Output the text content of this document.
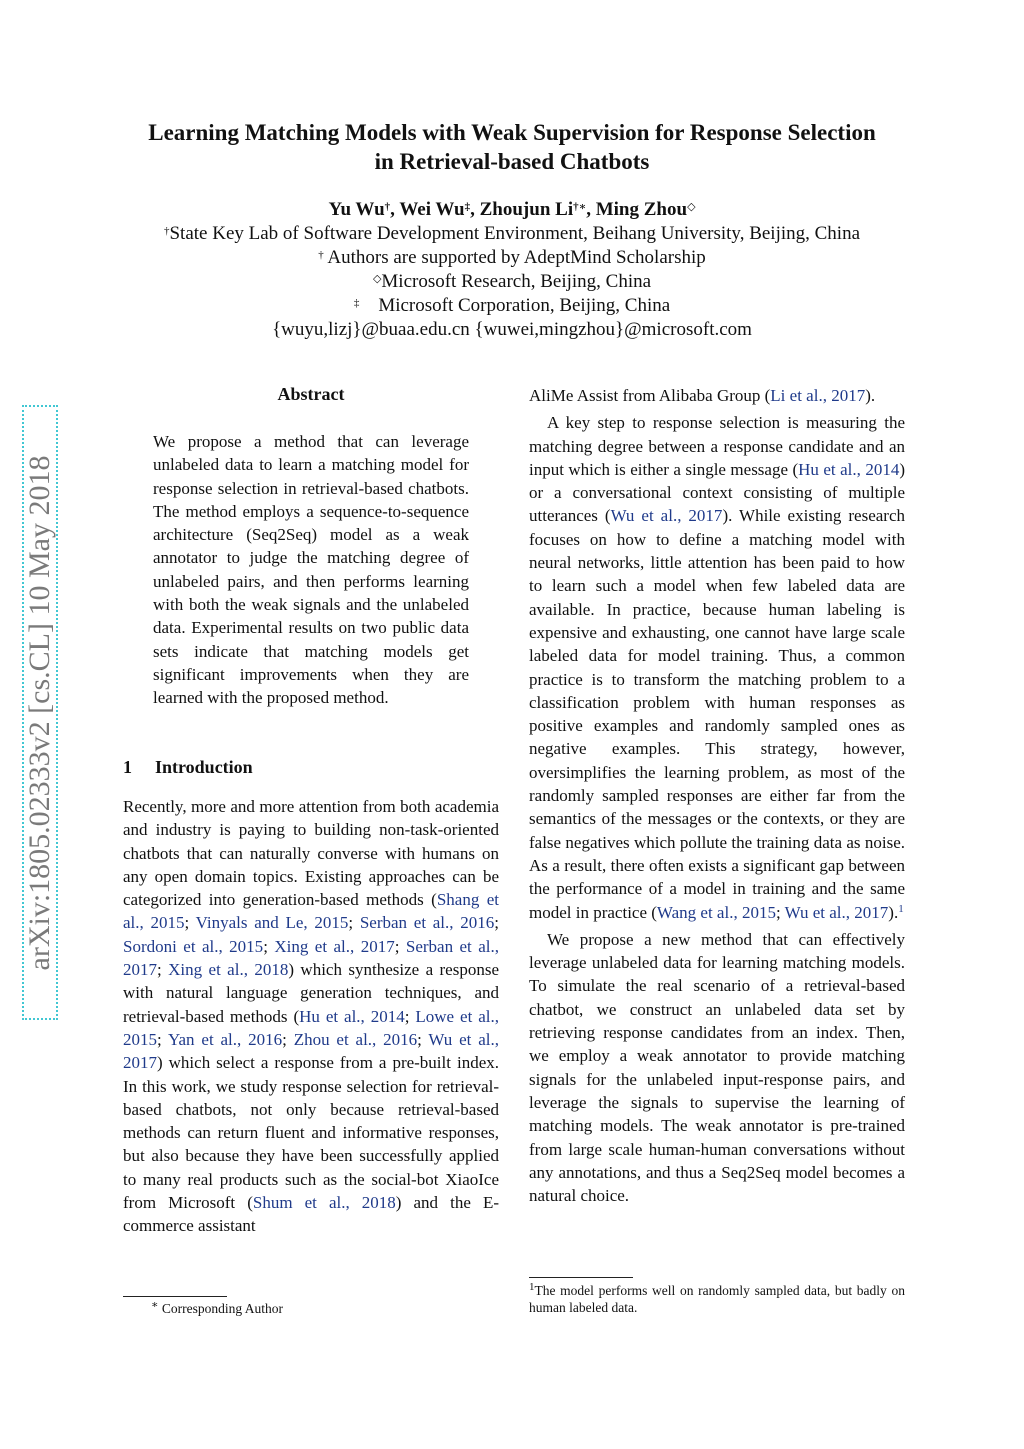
arXiv:1805.02333v2 [cs.CL] 10 May 2018
Learning Matching Models with Weak Supervision for Response Selection
in Retrieval-based Chatbots
Yu Wu†, Wei Wu‡, Zhoujun Li†∗, Ming Zhou◇
†State Key Lab of Software Development Environment, Beihang University, Beijing, China
† Authors are supported by AdeptMind Scholarship
◇Microsoft Research, Beijing, China
‡    Microsoft Corporation, Beijing, China
{wuyu,lizj}@buaa.edu.cn {wuwei,mingzhou}@microsoft.com
Abstract
We propose a method that can leverage unlabeled data to learn a matching model for response selection in retrieval-based chatbots. The method employs a sequence-to-sequence architecture (Seq2Seq) model as a weak annotator to judge the matching degree of unlabeled pairs, and then performs learning with both the weak signals and the unlabeled data. Experimental results on two public data sets indicate that matching models get significant improvements when they are learned with the proposed method.
1 Introduction

Recently, more and more attention from both academia and industry is paying to building non-task-oriented chatbots that can naturally converse with humans on any open domain topics. Existing approaches can be categorized into generation-based methods (Shang et al., 2015; Vinyals and Le, 2015; Serban et al., 2016; Sordoni et al., 2015; Xing et al., 2017; Serban et al., 2017; Xing et al., 2018) which synthesize a response with natural language generation techniques, and retrieval-based methods (Hu et al., 2014; Lowe et al., 2015; Yan et al., 2016; Zhou et al., 2016; Wu et al., 2017) which select a response from a pre-built index. In this work, we study response selection for retrieval-based chatbots, not only because retrieval-based methods can return fluent and informative responses, but also because they have been successfully applied to many real products such as the social-bot XiaoIce from Microsoft (Shum et al., 2018) and the E-commerce assistant

∗ Corresponding Author

AliMe Assist from Alibaba Group (Li et al., 2017).

A key step to response selection is measuring the matching degree between a response candidate and an input which is either a single message (Hu et al., 2014) or a conversational context consisting of multiple utterances (Wu et al., 2017). While existing research focuses on how to define a matching model with neural networks, little attention has been paid to how to learn such a model when few labeled data are available. In practice, because human labeling is expensive and exhausting, one cannot have large scale labeled data for model training. Thus, a common practice is to transform the matching problem to a classification problem with human responses as positive examples and randomly sampled ones as negative examples. This strategy, however, oversimplifies the learning problem, as most of the randomly sampled responses are either far from the semantics of the messages or the contexts, or they are false negatives which pollute the training data as noise. As a result, there often exists a significant gap between the performance of a model in training and the same model in practice (Wang et al., 2015; Wu et al., 2017).$^1$

We propose a new method that can effectively leverage unlabeled data for learning matching models. To simulate the real scenario of a retrieval-based chatbot, we construct an unlabeled data set by retrieving response candidates from an index. Then, we employ a weak annotator to provide matching signals for the unlabeled input-response pairs, and leverage the signals to supervise the learning of matching models. The weak annotator is pre-trained from large scale human-human conversations without any annotations, and thus a Seq2Seq model becomes a natural choice.

$^1$The model performs well on randomly sampled data, but badly on human labeled data.
